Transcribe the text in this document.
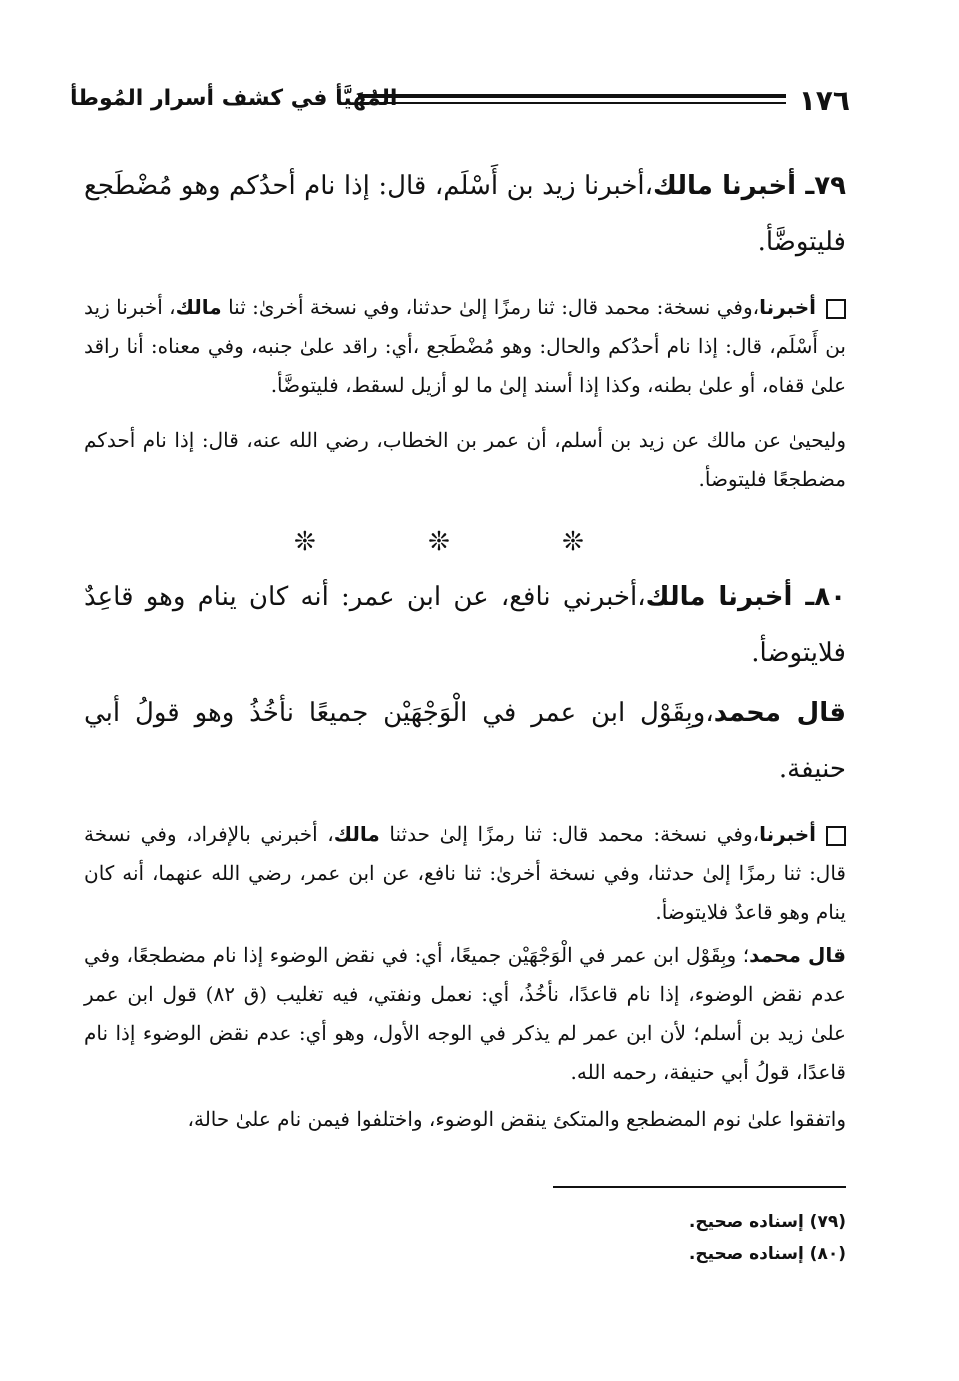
١٧٦
المُهَيَّأ في كشف أسرار المُوطأ

٧٩ـ أخبرنا مالك،أخبرنا زيد بن أَسْلَم، قال: إذا نام أحدُكم وهو مُضْطَجع فليتوضَّأ.

أخبرنا،وفي نسخة: محمد قال: ثنا رمزًا إلىٰ حدثنا، وفي نسخة أخرىٰ: ثنا مالك، أخبرنا زيد بن أَسْلَم، قال: إذا نام أحدُكم والحال: وهو مُضْطَجع ،أي: راقد علىٰ جنبه، وفي معناه: أنا راقد علىٰ قفاه، أو علىٰ بطنه، وكذا إذا أسند إلىٰ ما لو أزيل لسقط، فليتوضَّأ.

وليحيىٰ عن مالك عن زيد بن أسلم، أن عمر بن الخطاب، رضي الله عنه، قال: إذا نام أحدكم مضطجعًا فليتوضأ.

❊ ❊ ❊

٨٠ـ أخبرنا مالك،أخبرني نافع، عن ابن عمر: أنه كان ينام وهو قاعِدٌ فلايتوضأ.

قال محمد،وبِقَوْل ابن عمر في الْوَجْهَيْن جميعًا نأخُذُ وهو قولُ أبي حنيفة.

أخبرنا،وفي نسخة: محمد قال: ثنا رمزًا إلىٰ حدثنا مالك، أخبرني بالإفراد، وفي نسخة قال: ثنا رمزًا إلىٰ حدثنا، وفي نسخة أخرىٰ: ثنا نافع، عن ابن عمر، رضي الله عنهما، أنه كان ينام وهو قاعدٌ فلايتوضأ.

قال محمد؛ وبِقَوْل ابن عمر في الْوَجْهَيْن جميعًا، أي: في نقض الوضوء إذا نام مضطجعًا، وفي عدم نقض الوضوء، إذا نام قاعدًا، نأخُذُ، أي: نعمل ونفتي، فيه تغليب (ق ٨٢) قول ابن عمر علىٰ زيد بن أسلم؛ لأن ابن عمر لم يذكر في الوجه الأول، وهو أي: عدم نقض الوضوء إذا نام قاعدًا، قولُ أبي حنيفة، رحمه الله.

واتفقوا علىٰ نوم المضطجع والمتكئ ينقض الوضوء، واختلفوا فيمن نام علىٰ حالة،

(٧٩) إسناده صحيح.
(٨٠) إسناده صحيح.
